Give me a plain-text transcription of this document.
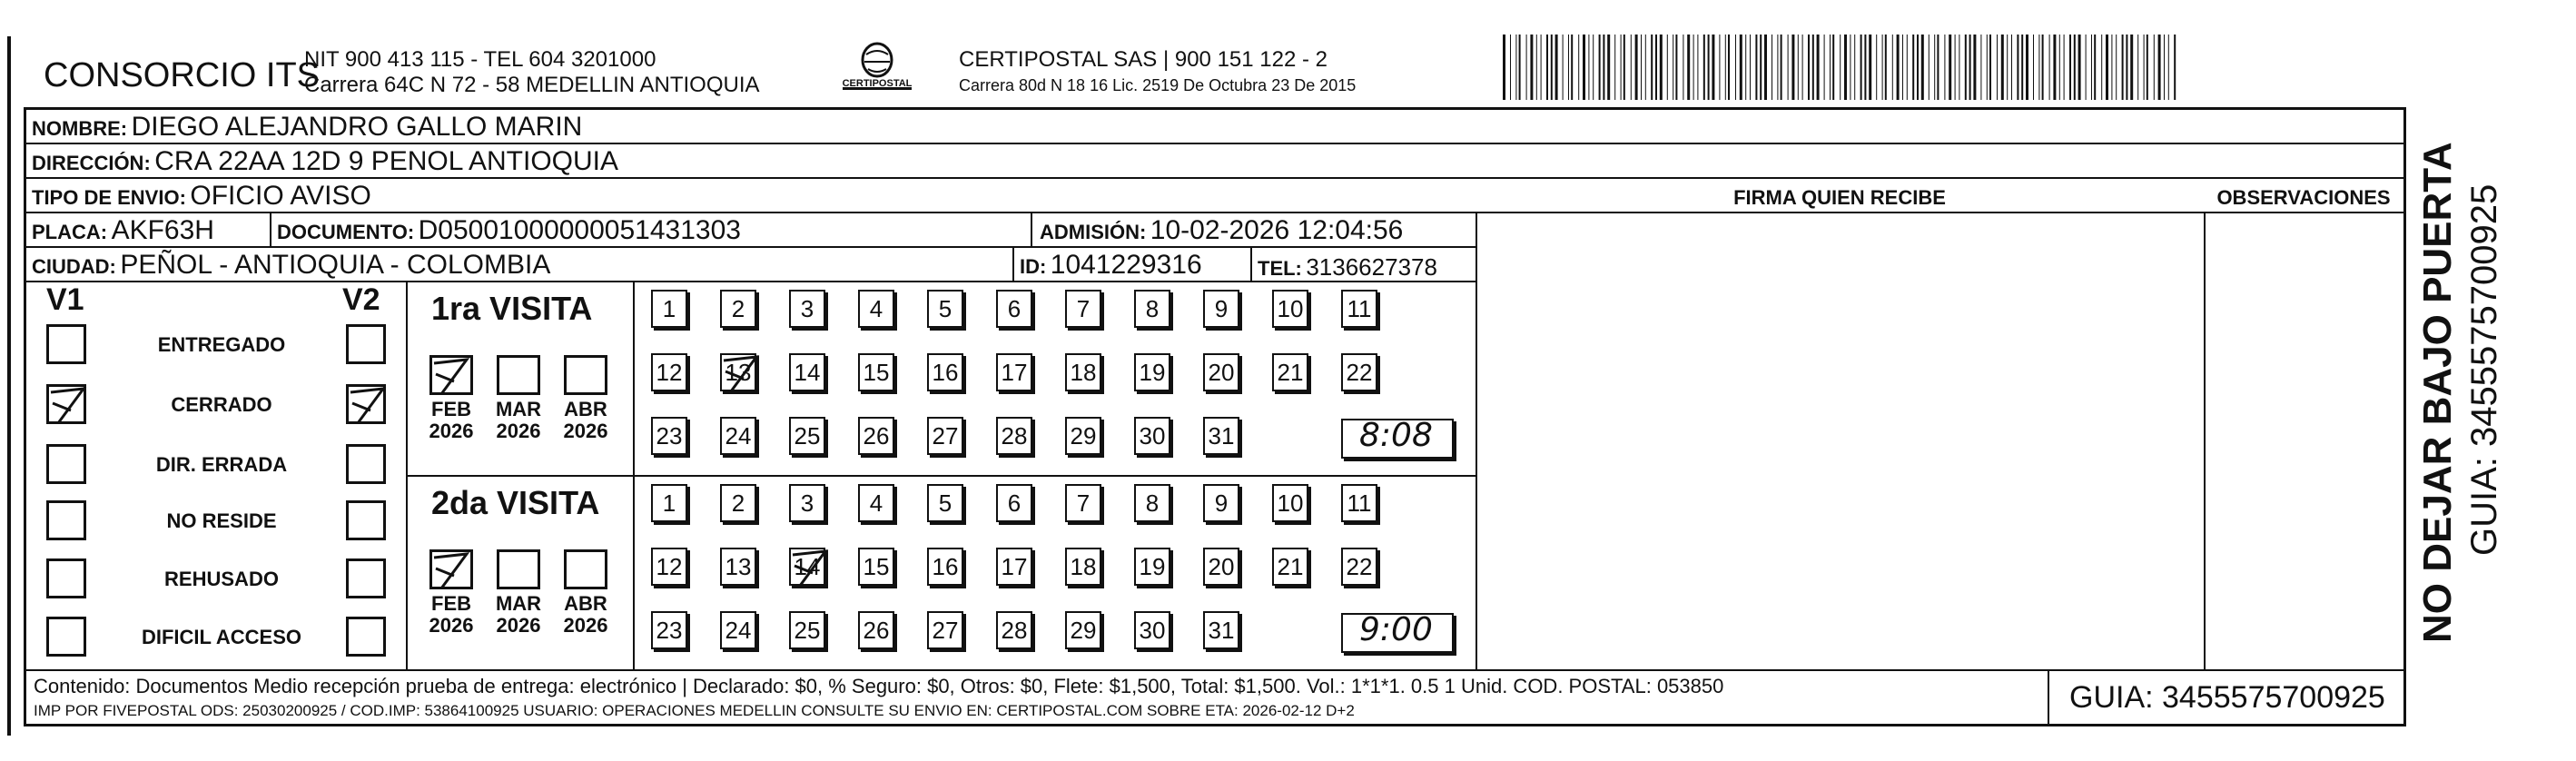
CONSORCIO ITS
NIT 900 413 115 - TEL 604 3201000
Carrera 64C N 72 - 58 MEDELLIN ANTIOQUIA	CERTIPOSTAL
CERTIPOSTAL SAS | 900 151 122 - 2
Carrera 80d N 18 16 Lic. 2519 De Octubra 23 De 2015
NOMBRE: DIEGO ALEJANDRO GALLO MARIN
DIRECCIÓN: CRA 22AA 12D 9 PENOL ANTIOQUIA
TIPO DE ENVIO: OFICIO AVISO	FIRMA QUIEN RECIBE	OBSERVACIONES
PLACA: AKF63H	DOCUMENTO: D05001000000051431303	ADMISIÓN: 10-02-2026 12:04:56
CIUDAD: PEÑOL - ANTIOQUIA - COLOMBIA	ID: 1041229316	TEL: 3136627378
V1	V2
ENTREGADO
CERRADO
DIR. ERRADA
NO RESIDE
REHUSADO
DIFICIL ACCESO
1ra VISITA
FEB
2026
MAR
2026
ABR
2026
1	2	3	4	5	6	7	8	9	10 11
12 13 14 15 16 17 18 19 20 21 22
23 24 25 26 27 28 29 30 31	8:08
2da VISITA
FEB
2026
MAR
2026
ABR
2026
1	2	3	4	5	6	7	8	9	10 11
12 13 14 15 16 17 18 19 20 21 22
23 24 25 26 27 28 29 30 31	9:00
Contenido: Documentos Medio recepción prueba de entrega: electrónico | Declarado: $0, % Seguro: $0, Otros: $0, Flete: $1,500, Total: $1,500. Vol.: 1*1*1. 0.5 1 Unid. COD. POSTAL: 053850
IMP POR FIVEPOSTAL ODS: 25030200925 / COD.IMP: 53864100925 USUARIO: OPERACIONES MEDELLIN CONSULTE SU ENVIO EN: CERTIPOSTAL.COM SOBRE ETA: 2026-02-12 D+2	GUIA: 3455575700925
NO DEJAR BAJO PUERTA GUIA: 3455575700925
